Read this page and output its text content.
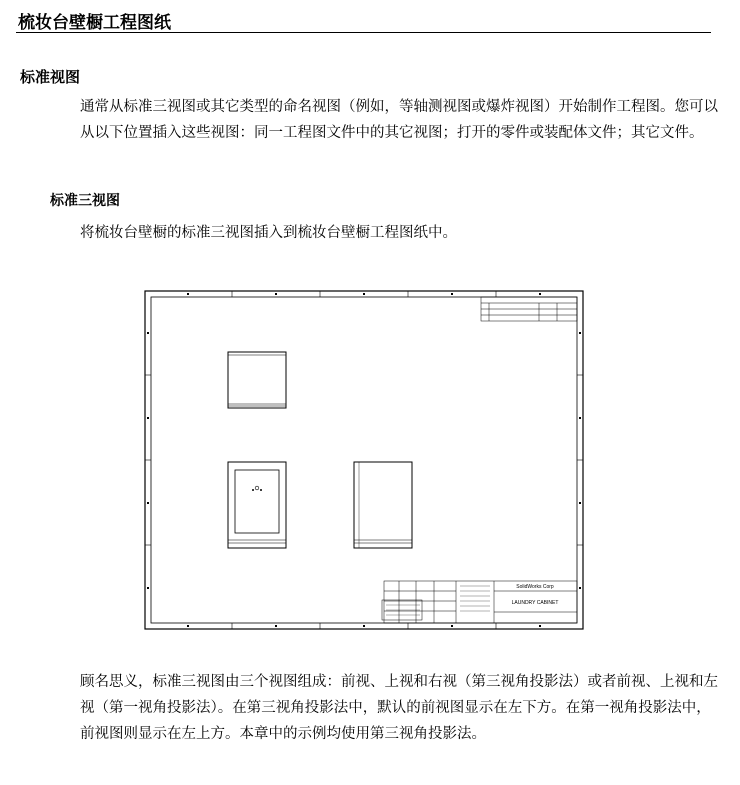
梳妆台壁橱工程图纸
标准视图

通常从标准三视图或其它类型的命名视图（例如，等轴测视图或爆炸视图）开始制作工程图。您可以从以下位置插入这些视图：同一工程图文件中的其它视图；打开的零件或装配体文件；其它文件。

标准三视图

将梳妆台壁橱的标准三视图插入到梳妆台壁橱工程图纸中。

SolidWorks Corp
LAUNDRY CABINET

顾名思义，标准三视图由三个视图组成：前视、上视和右视（第三视角投影法）或者前视、上视和左视（第一视角投影法）。在第三视角投影法中，默认的前视图显示在左下方。在第一视角投影法中，前视图则显示在左上方。本章中的示例均使用第三视角投影法。
